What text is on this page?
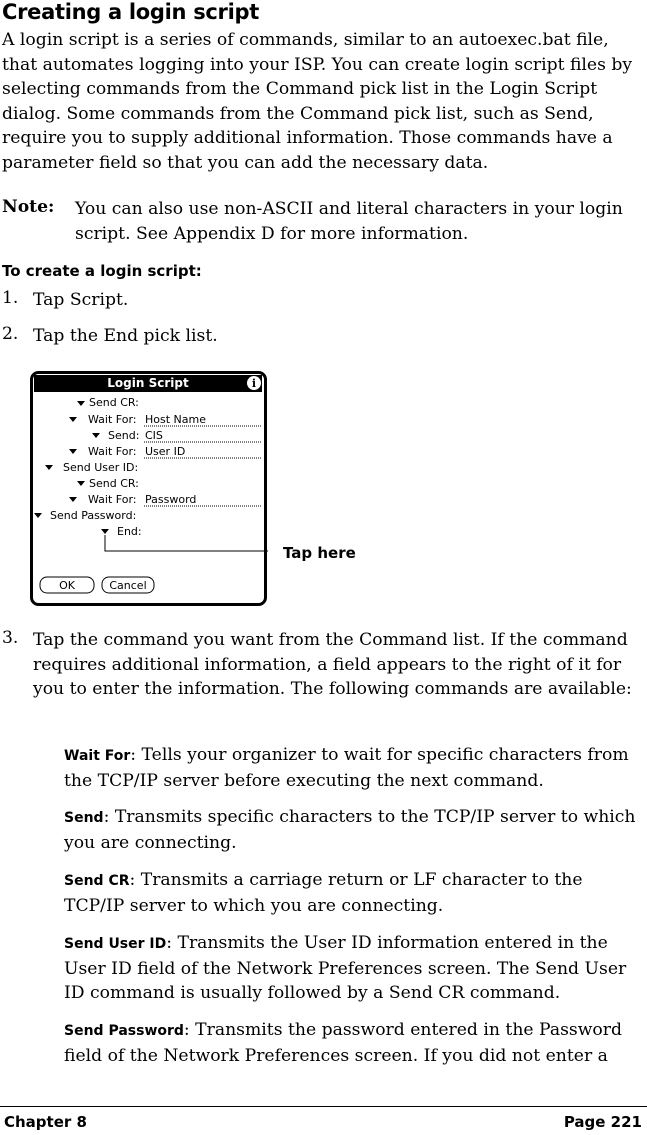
Creating a login script
A login script is a series of commands, similar to an autoexec.bat file, that automates logging into your ISP. You can create login script files by selecting commands from the Command pick list in the Login Script dialog. Some commands from the Command pick list, such as Send, require you to supply additional information. Those commands have a parameter field so that you can add the necessary data.
Note: You can also use non-ASCII and literal characters in your login script. See Appendix D for more information.
To create a login script:
1. Tap Script.
2. Tap the End pick list.
Login Script	i
Send CR:
Wait For: Host Name
Send: CIS
Wait For: User ID
Send User ID:
Send CR:
Wait For: Password
Send Password:
End:
OK	Cancel
Tap here
3. Tap the command you want from the Command list. If the command requires additional information, a field appears to the right of it for you to enter the information. The following commands are available:
Wait For: Tells your organizer to wait for specific characters from the TCP/IP server before executing the next command.
Send: Transmits specific characters to the TCP/IP server to which you are connecting.
Send CR: Transmits a carriage return or LF character to the TCP/IP server to which you are connecting.
Send User ID: Transmits the User ID information entered in the User ID field of the Network Preferences screen. The Send User ID command is usually followed by a Send CR command.
Send Password: Transmits the password entered in the Password field of the Network Preferences screen. If you did not enter a
Chapter 8	Page 221
